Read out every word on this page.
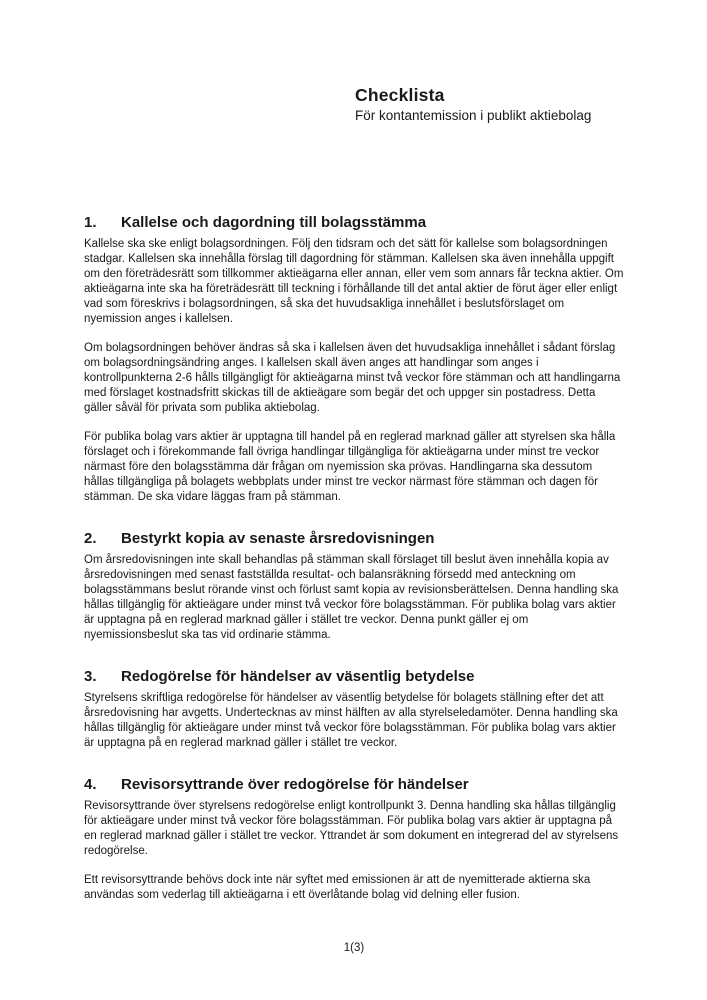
Checklista
För kontantemission i publikt aktiebolag
1.	Kallelse och dagordning till bolagsstämma

Kallelse ska ske enligt bolagsordningen. Följ den tidsram och det sätt för kallelse som bolagsordningen stadgar. Kallelsen ska innehålla förslag till dagordning för stämman. Kallelsen ska även innehålla uppgift om den företrädesrätt som tillkommer aktieägarna eller annan, eller vem som annars får teckna aktier. Om aktieägarna inte ska ha företrädesrätt till teckning i förhållande till det antal aktier de förut äger eller enligt vad som föreskrivs i bolagsordningen, så ska det huvudsakliga innehållet i beslutsförslaget om nyemission anges i kallelsen.

Om bolagsordningen behöver ändras så ska i kallelsen även det huvudsakliga innehållet i sådant förslag om bolagsordningsändring anges. I kallelsen skall även anges att handlingar som anges i kontrollpunkterna 2-6 hålls tillgängligt för aktieägarna minst två veckor före stämman och att handlingarna med förslaget kostnadsfritt skickas till de aktieägare som begär det och uppger sin postadress. Detta gäller såväl för privata som publika aktiebolag.

För publika bolag vars aktier är upptagna till handel på en reglerad marknad gäller att styrelsen ska hålla förslaget och i förekommande fall övriga handlingar tillgängliga för aktieägarna under minst tre veckor närmast före den bolagsstämma där frågan om nyemission ska prövas. Handlingarna ska dessutom hållas tillgängliga på bolagets webbplats under minst tre veckor närmast före stämman och dagen för stämman. De ska vidare läggas fram på stämman.

2.	Bestyrkt kopia av senaste årsredovisningen

Om årsredovisningen inte skall behandlas på stämman skall förslaget till beslut även innehålla kopia av årsredovisningen med senast fastställda resultat- och balansräkning försedd med anteckning om bolagsstämmans beslut rörande vinst och förlust samt kopia av revisionsberättelsen. Denna handling ska hållas tillgänglig för aktieägare under minst två veckor före bolagsstämman. För publika bolag vars aktier är upptagna på en reglerad marknad gäller i stället tre veckor. Denna punkt gäller ej om nyemissionsbeslut ska tas vid ordinarie stämma.

3.	Redogörelse för händelser av väsentlig betydelse

Styrelsens skriftliga redogörelse för händelser av väsentlig betydelse för bolagets ställning efter det att årsredovisning har avgetts. Undertecknas av minst hälften av alla styrelseledamöter. Denna handling ska hållas tillgänglig för aktieägare under minst två veckor före bolagsstämman. För publika bolag vars aktier är upptagna på en reglerad marknad gäller i stället tre veckor.

4.	Revisorsyttrande över redogörelse för händelser

Revisorsyttrande över styrelsens redogörelse enligt kontrollpunkt 3. Denna handling ska hållas tillgänglig för aktieägare under minst två veckor före bolagsstämman. För publika bolag vars aktier är upptagna på en reglerad marknad gäller i stället tre veckor. Yttrandet är som dokument en integrerad del av styrelsens redogörelse.

Ett revisorsyttrande behövs dock inte när syftet med emissionen är att de nyemitterade aktierna ska användas som vederlag till aktieägarna i ett överlåtande bolag vid delning eller fusion.

1(3)
